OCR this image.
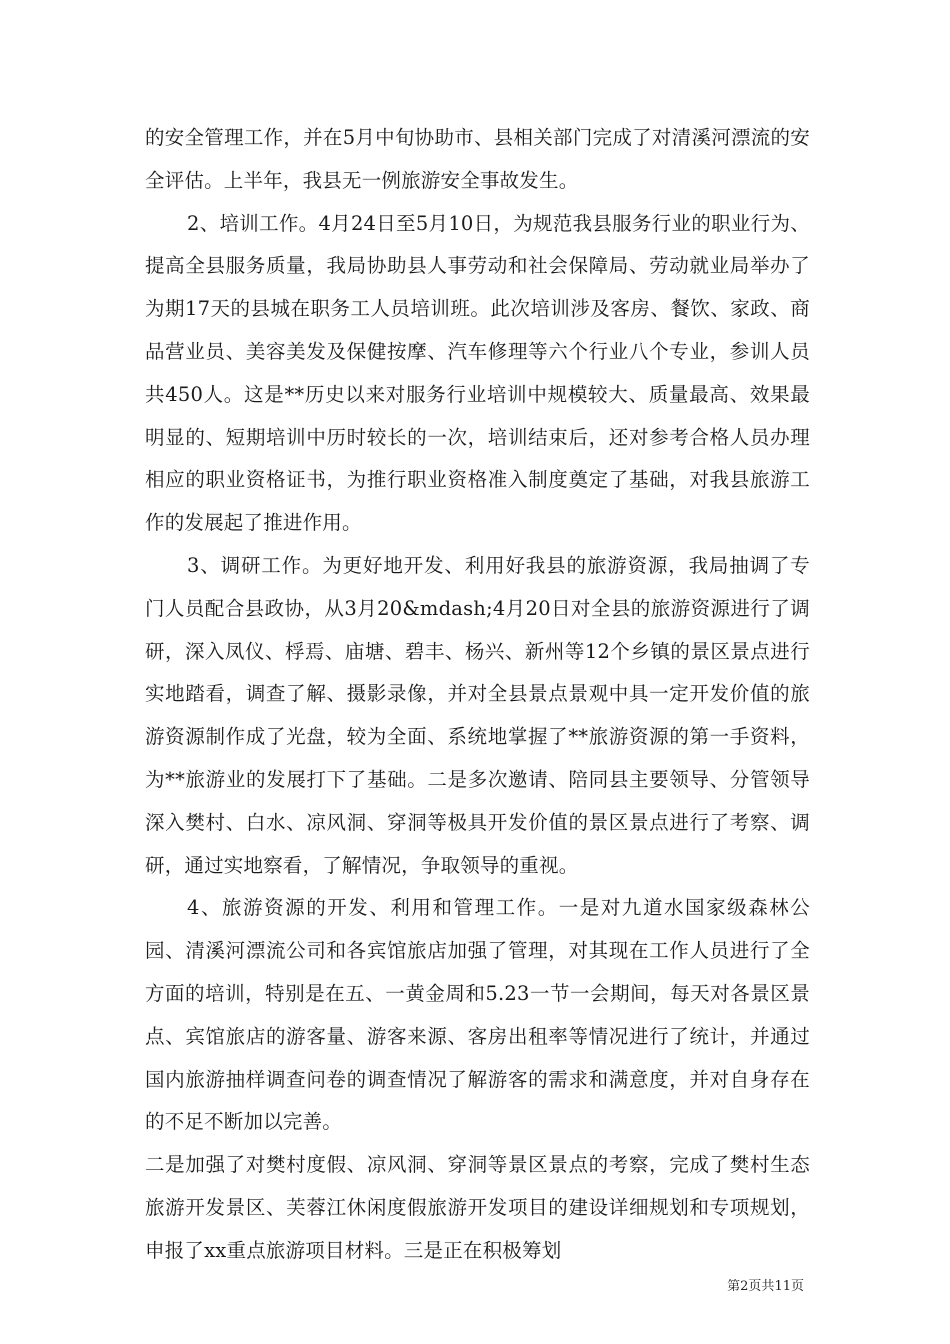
的安全管理工作，并在5月中旬协助市、县相关部门完成了对清溪河漂流的安全评估。上半年，我县无一例旅游安全事故发生。

2、培训工作。4月24日至5月10日，为规范我县服务行业的职业行为、提高全县服务质量，我局协助县人事劳动和社会保障局、劳动就业局举办了为期17天的县城在职务工人员培训班。此次培训涉及客房、餐饮、家政、商品营业员、美容美发及保健按摩、汽车修理等六个行业八个专业，参训人员共450人。这是**历史以来对服务行业培训中规模较大、质量最高、效果最明显的、短期培训中历时较长的一次，培训结束后，还对参考合格人员办理相应的职业资格证书，为推行职业资格准入制度奠定了基础，对我县旅游工作的发展起了推进作用。

3、调研工作。为更好地开发、利用好我县的旅游资源，我局抽调了专门人员配合县政协，从3月20&mdash;4月20日对全县的旅游资源进行了调研，深入凤仪、桴焉、庙塘、碧丰、杨兴、新州等12个乡镇的景区景点进行实地踏看，调查了解、摄影录像，并对全县景点景观中具一定开发价值的旅游资源制作成了光盘，较为全面、系统地掌握了**旅游资源的第一手资料，为**旅游业的发展打下了基础。二是多次邀请、陪同县主要领导、分管领导深入樊村、白水、凉风洞、穿洞等极具开发价值的景区景点进行了考察、调研，通过实地察看，了解情况，争取领导的重视。

4、旅游资源的开发、利用和管理工作。一是对九道水国家级森林公园、清溪河漂流公司和各宾馆旅店加强了管理，对其现在工作人员进行了全方面的培训，特别是在五、一黄金周和5.23一节一会期间，每天对各景区景点、宾馆旅店的游客量、游客来源、客房出租率等情况进行了统计，并通过国内旅游抽样调查问卷的调查情况了解游客的需求和满意度，并对自身存在的不足不断加以完善。

二是加强了对樊村度假、凉风洞、穿洞等景区景点的考察，完成了樊村生态旅游开发景区、芙蓉江休闲度假旅游开发项目的建设详细规划和专项规划，申报了xx重点旅游项目材料。三是正在积极筹划

第2页共11页
